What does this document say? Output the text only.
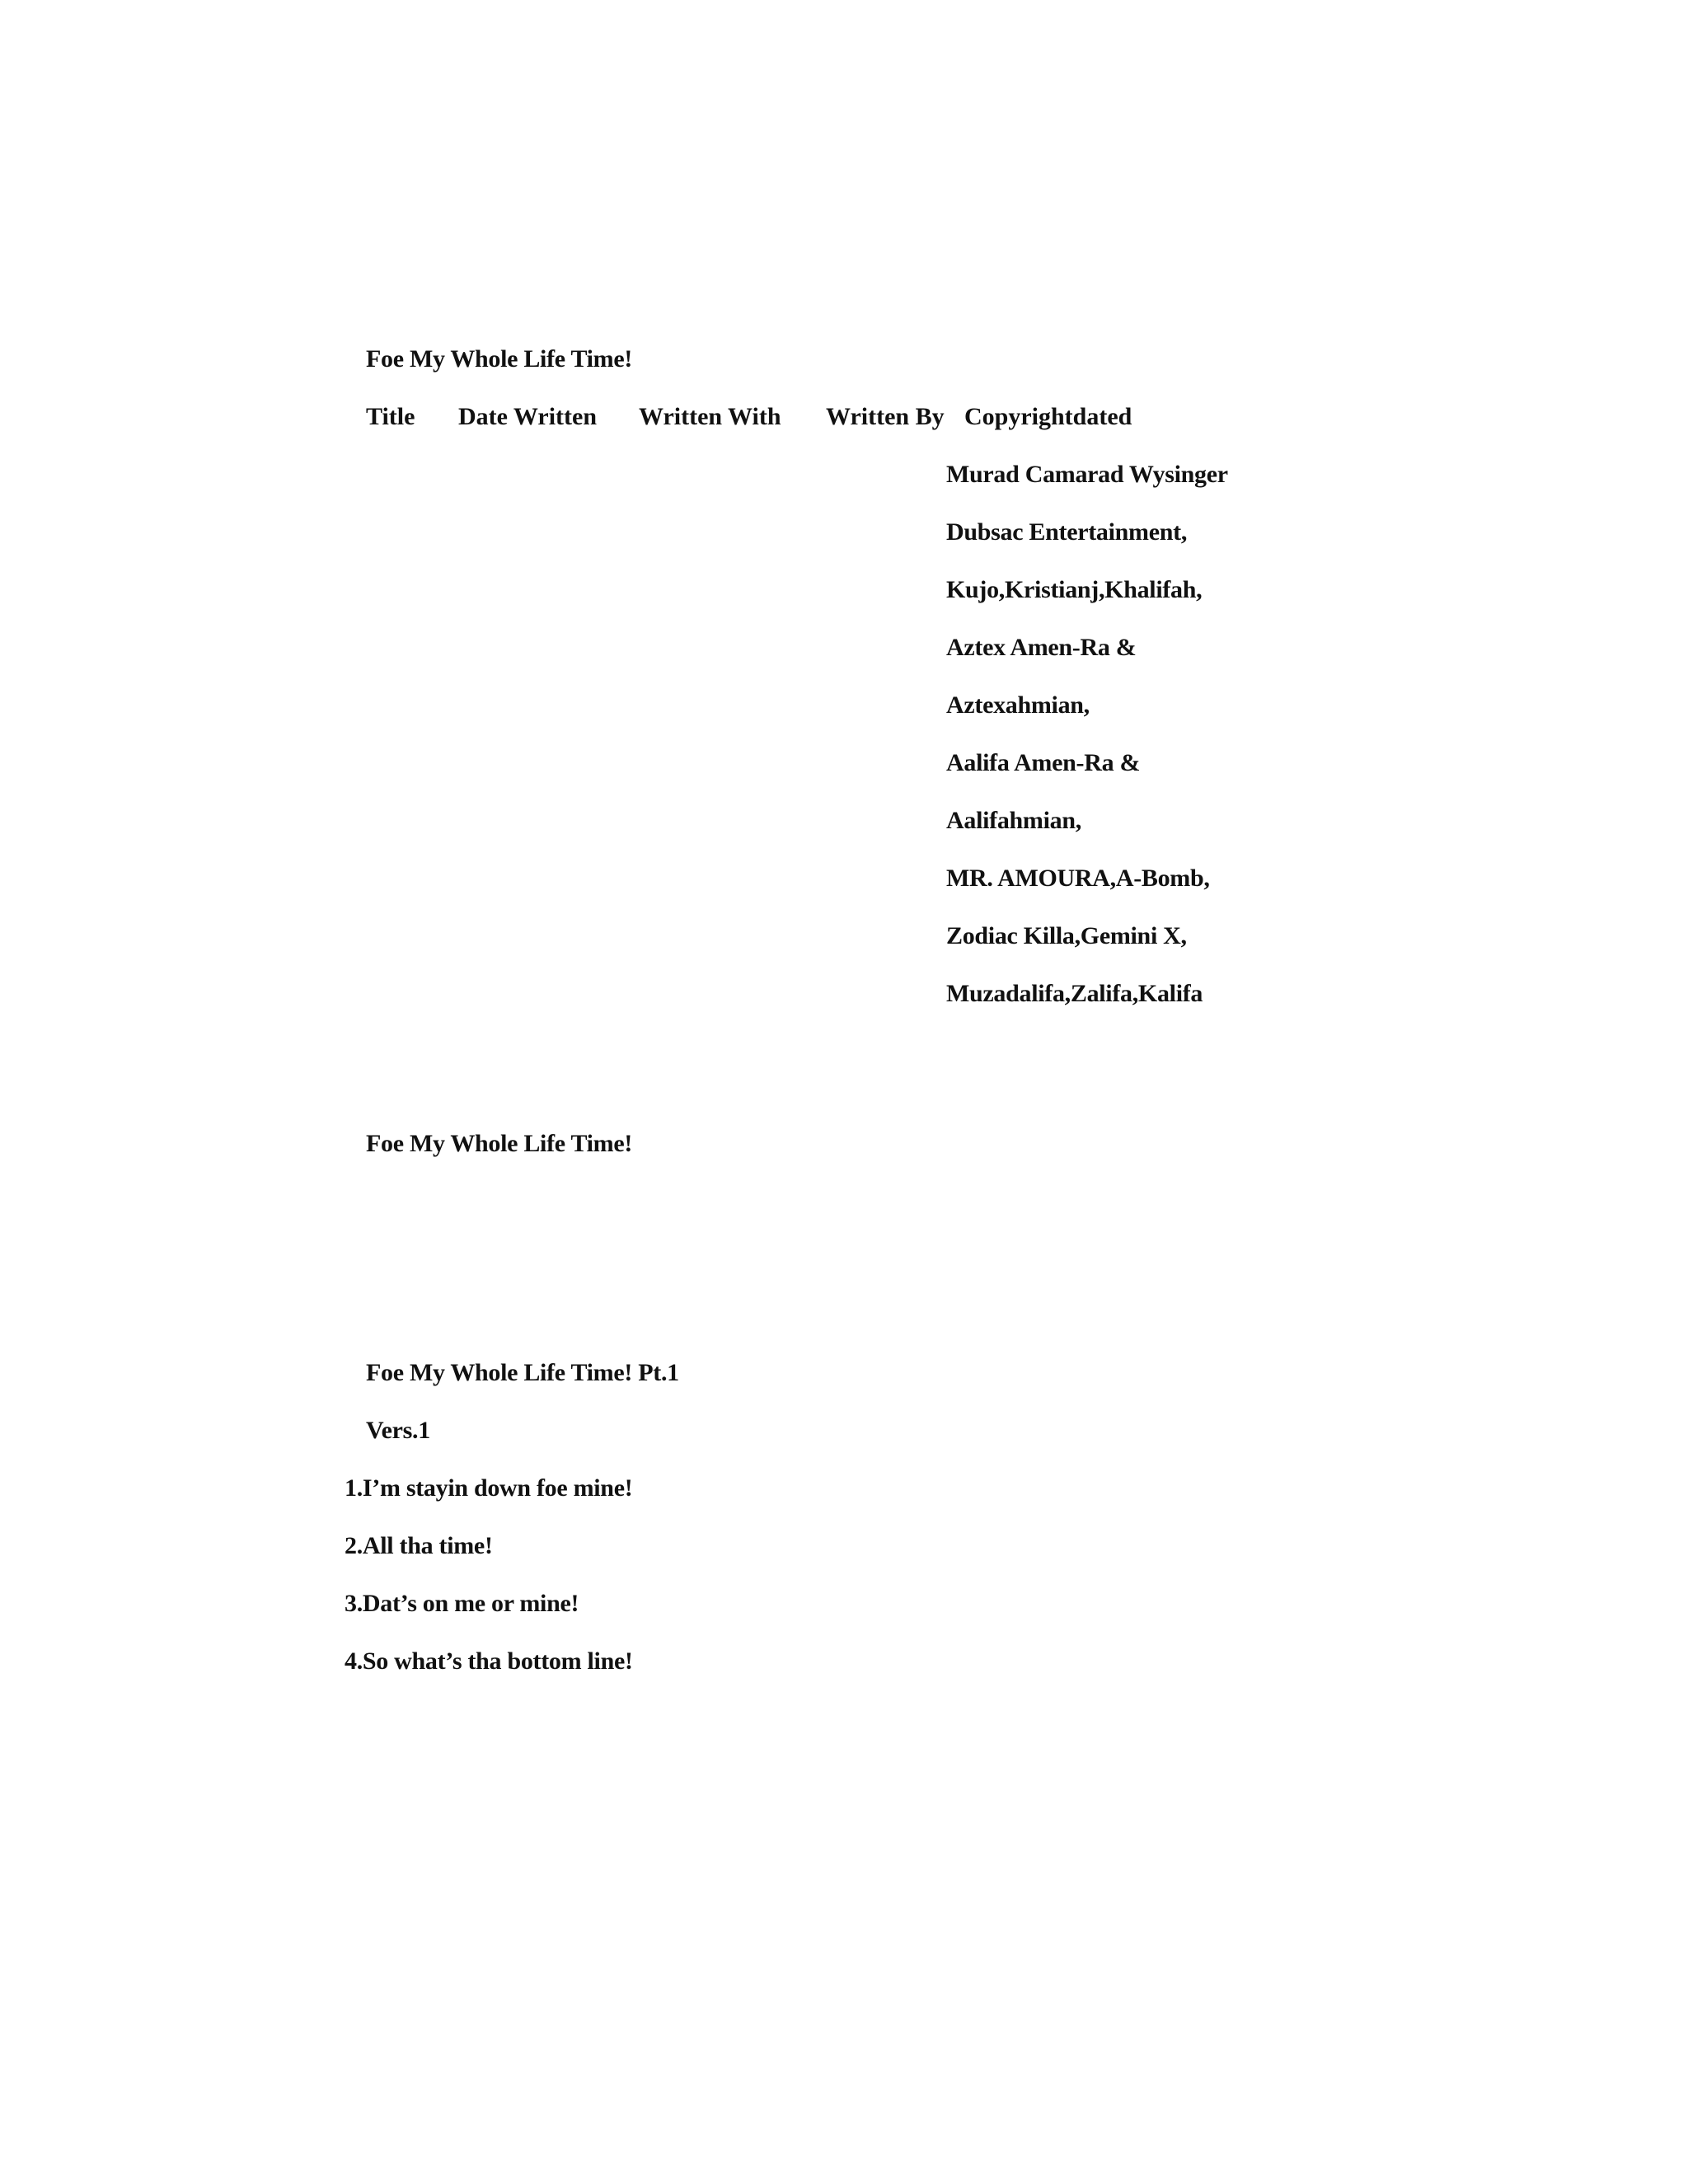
Foe My Whole Life Time!
Title Date Written Written With Written By Copyrightdated
Murad Camarad Wysinger
Dubsac Entertainment,
Kujo,Kristianj,Khalifah,
Aztex Amen-Ra &
Aztexahmian,
Aalifa Amen-Ra &
Aalifahmian,
MR. AMOURA,A-Bomb,
Zodiac Killa,Gemini X,
Muzadalifa,Zalifa,Kalifa
Foe My Whole Life Time!
Foe My Whole Life Time! Pt.1
Vers.1
1.I’m stayin down foe mine!
2.All tha time!
3.Dat’s on me or mine!
4.So what’s tha bottom line!
